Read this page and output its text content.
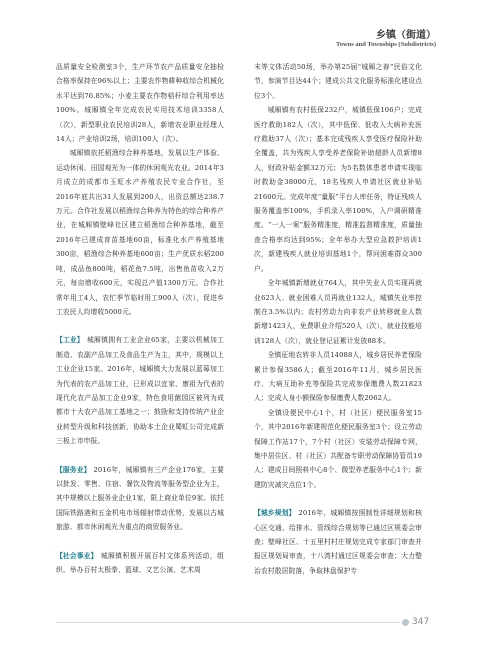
乡镇（街道）
Towns and Townships (Subdistricts)

品质量安全检测室3个，生产环节农产品质量安全抽检合格率保持在96%以上；主要农作物耕种收综合机械化水平达到76.85%；小麦主要农作物秸秆综合利用率达100%。城厢镇全年完成农民实用技术培训3358人（次），新型职业农民培训28人，新增农业职业经理人14人；产业培训2场，培训100人（次）。

城厢镇依托稻渔综合种养基地，发展以生产体验、运动休闲、田园观光为一体的休闲观光农业。2014年3月成立的成都市玉虹水产养殖农民专业合作社，至2016年底共出31人发展到200人，出资总额达238.7万元。合作社发展以稻渔综合种养为特色的综合种养产业，在城厢镇壁峰社区建立稻渔综合种养基地，截至2016年已建成育苗基地60亩，标准化水产养殖基地300亩，稻渔综合种养基地600亩；生产优质水稻200吨，成品鱼800吨，稻花鱼7.5吨，出售鱼苗收入2万元，每亩增收600元，实现总产值1300万元。合作社常年用工4人，农忙季节临时用工900人（次），促进乡工农民人均增收5000元。

【工业】 城厢镇拥有工业企业65家，主要以机械加工制造、农副产品加工及食品生产为主，其中，规模以上工业企业15家。2016年，城厢镇大力发展以蓝莓加工为代表的农产品加工业，已形成以宜家、康祖为代表的现代化农产品加工企业9家，特色食用菌园区被列为成都市十大农产品加工基地之一；鼓励和支持传统产业企业转型升级和科技创新，协助本土企业蜀虹公司完成新三板上市申报。

【服务业】 2016年，城厢镇有三产企业176家，主要以批发、零售、住宿、餐饮及物流等服务型企业为主，其中规模以上服务业企业1家，限上商业单位9家。依托国际铁路港和五金机电市场辐射带动优势，发展以古城旅游、都市休闲观光为重点的商贸服务业。

【社会事业】 城厢镇积极开展百村文体系列活动，组织、举办百村太极拳、篮球、文艺公演、艺术周

末等文体活动50场，举办第25届“城厢之春”民俗文化节，参演节目达44个；建成公共文化服务标准化建设点位3个。

城厢镇有农村低保232户，城镇低保106户；完成医疗救助182人（次），其中低保、低收入大病补充医疗救助37人（次）；基本完成残疾人享受医疗保险补助全覆盖，共为残疾人享受养老保险补助超龄人员新增8人，财政补贴金额32万元；为5名数体患者申请实现临时救助金38000元，18名残疾人申请社区就业补贴21600元。完成年度“量服”平台人库任务，特证残疾人服务覆盖率100%，手机录入率100%，入户调研精准度。“一人一案”服务精准度，精准监督精准度，质量抽查合格率均达到95%；全年举办大型应急救护培训1次，新建残疾人就业培训基地1个，帮问困难群众300户。

全年城镇新增就业764人，其中失业人员实现再就业623人、就业困难人员再就业132人，城镇失业率控制在3.5%以内；农村劳动力向非农产业转移就业人数新增1423人，免费职业介绍520人（次），就业技能培训128人（次），就业登记证累计发放88本。

全镇征地农转非人员14088人，城乡居民养老保险累计参保3586人；截至2016年11月，城乡居民医疗、大病互助补充等保险共完成参保缴费人数21823人；完成人身小额保险参保缴费人数2062人。

全镇设便民中心1个，村（社区）便民服务室15个，其中2016年新建规范化便民服务室3个；设立劳动保障工作站17个，7个村（社区）安装劳动保障专网，集中居住区、村（社区）共配备专职劳动保障协管员19人；建成日间照料中心8个、微型养老服务中心1个；新建防灾减灾点位1个。

【城乡规划】 2016年，城厢镇按照制性详细规划和核心区交通、给排水、管线综合规划等已通过区规委会审查；壁峰社区、十五里村村庄规划完成专家部门审查并报区规划局审查，十八湾村通过区规委会审查；大力整治农村散居院落，争取林盘保护专

347
